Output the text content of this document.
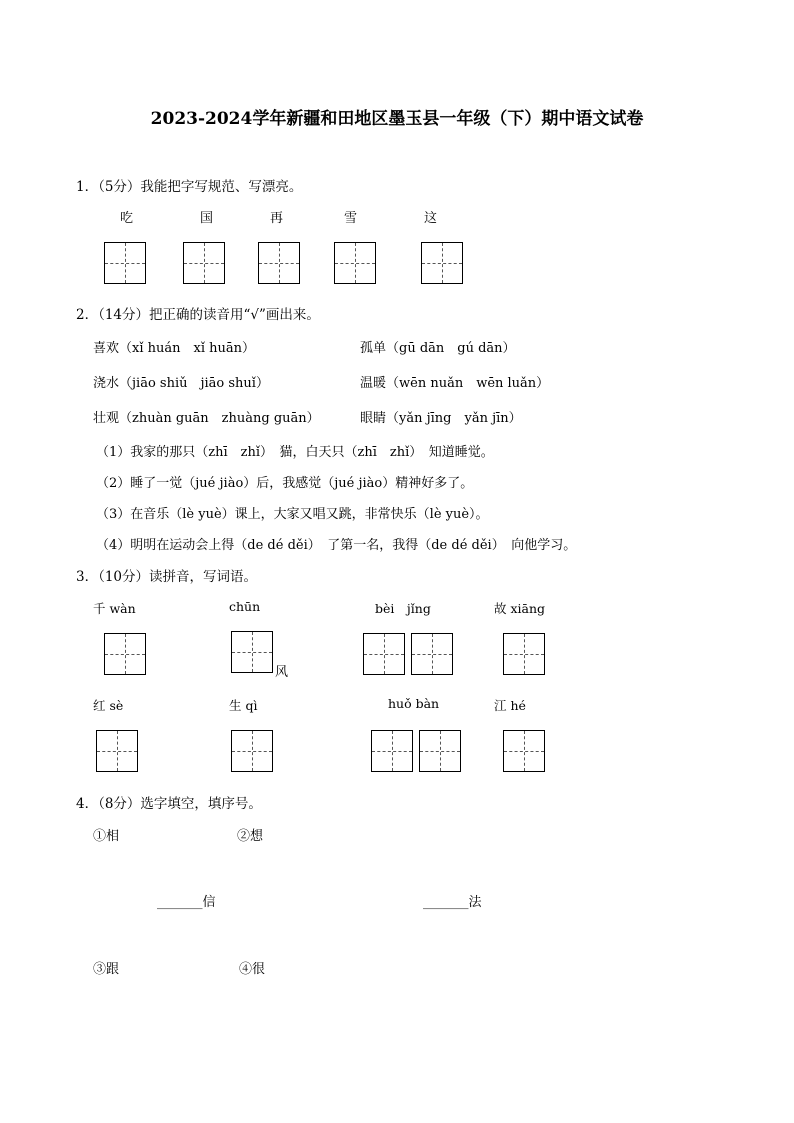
2023-2024学年新疆和田地区墨玉县一年级（下）期中语文试卷
1．（5分）我能把字写规范、写漂亮。
吃	国	再	雪	这
2．（14分）把正确的读音用“√”画出来。
喜欢（xǐ huán　xǐ huān）	孤单（gū dān　gú dān）
浇水（jiāo shiǔ　jiāo shuǐ）	温暖（wēn nuǎn　wēn luǎn）
壮观（zhuàn guān　zhuàng guān）	眼睛（yǎn jīng　yǎn jīn）
（1）我家的那只（zhī　zhǐ）　猫，白天只（zhī　zhǐ）　知道睡觉。
（2）睡了一觉（jué jiào）后，我感觉（jué jiào）精神好多了。
（3）在音乐（lè yuè）课上，大家又唱又跳，非常快乐（lè yuè）。
（4）明明在运动会上得（de dé děi）　了第一名，我得（de dé děi）　向他学习。
3．（10分）读拼音，写词语。
千 wàn	chūn	bèi　jǐng	故 xiāng
风
红 sè	生 qì	huǒ bàn	江 hé
4．（8分）选字填空，填序号。
①相	②想
_______信	_______法
③跟	④很
